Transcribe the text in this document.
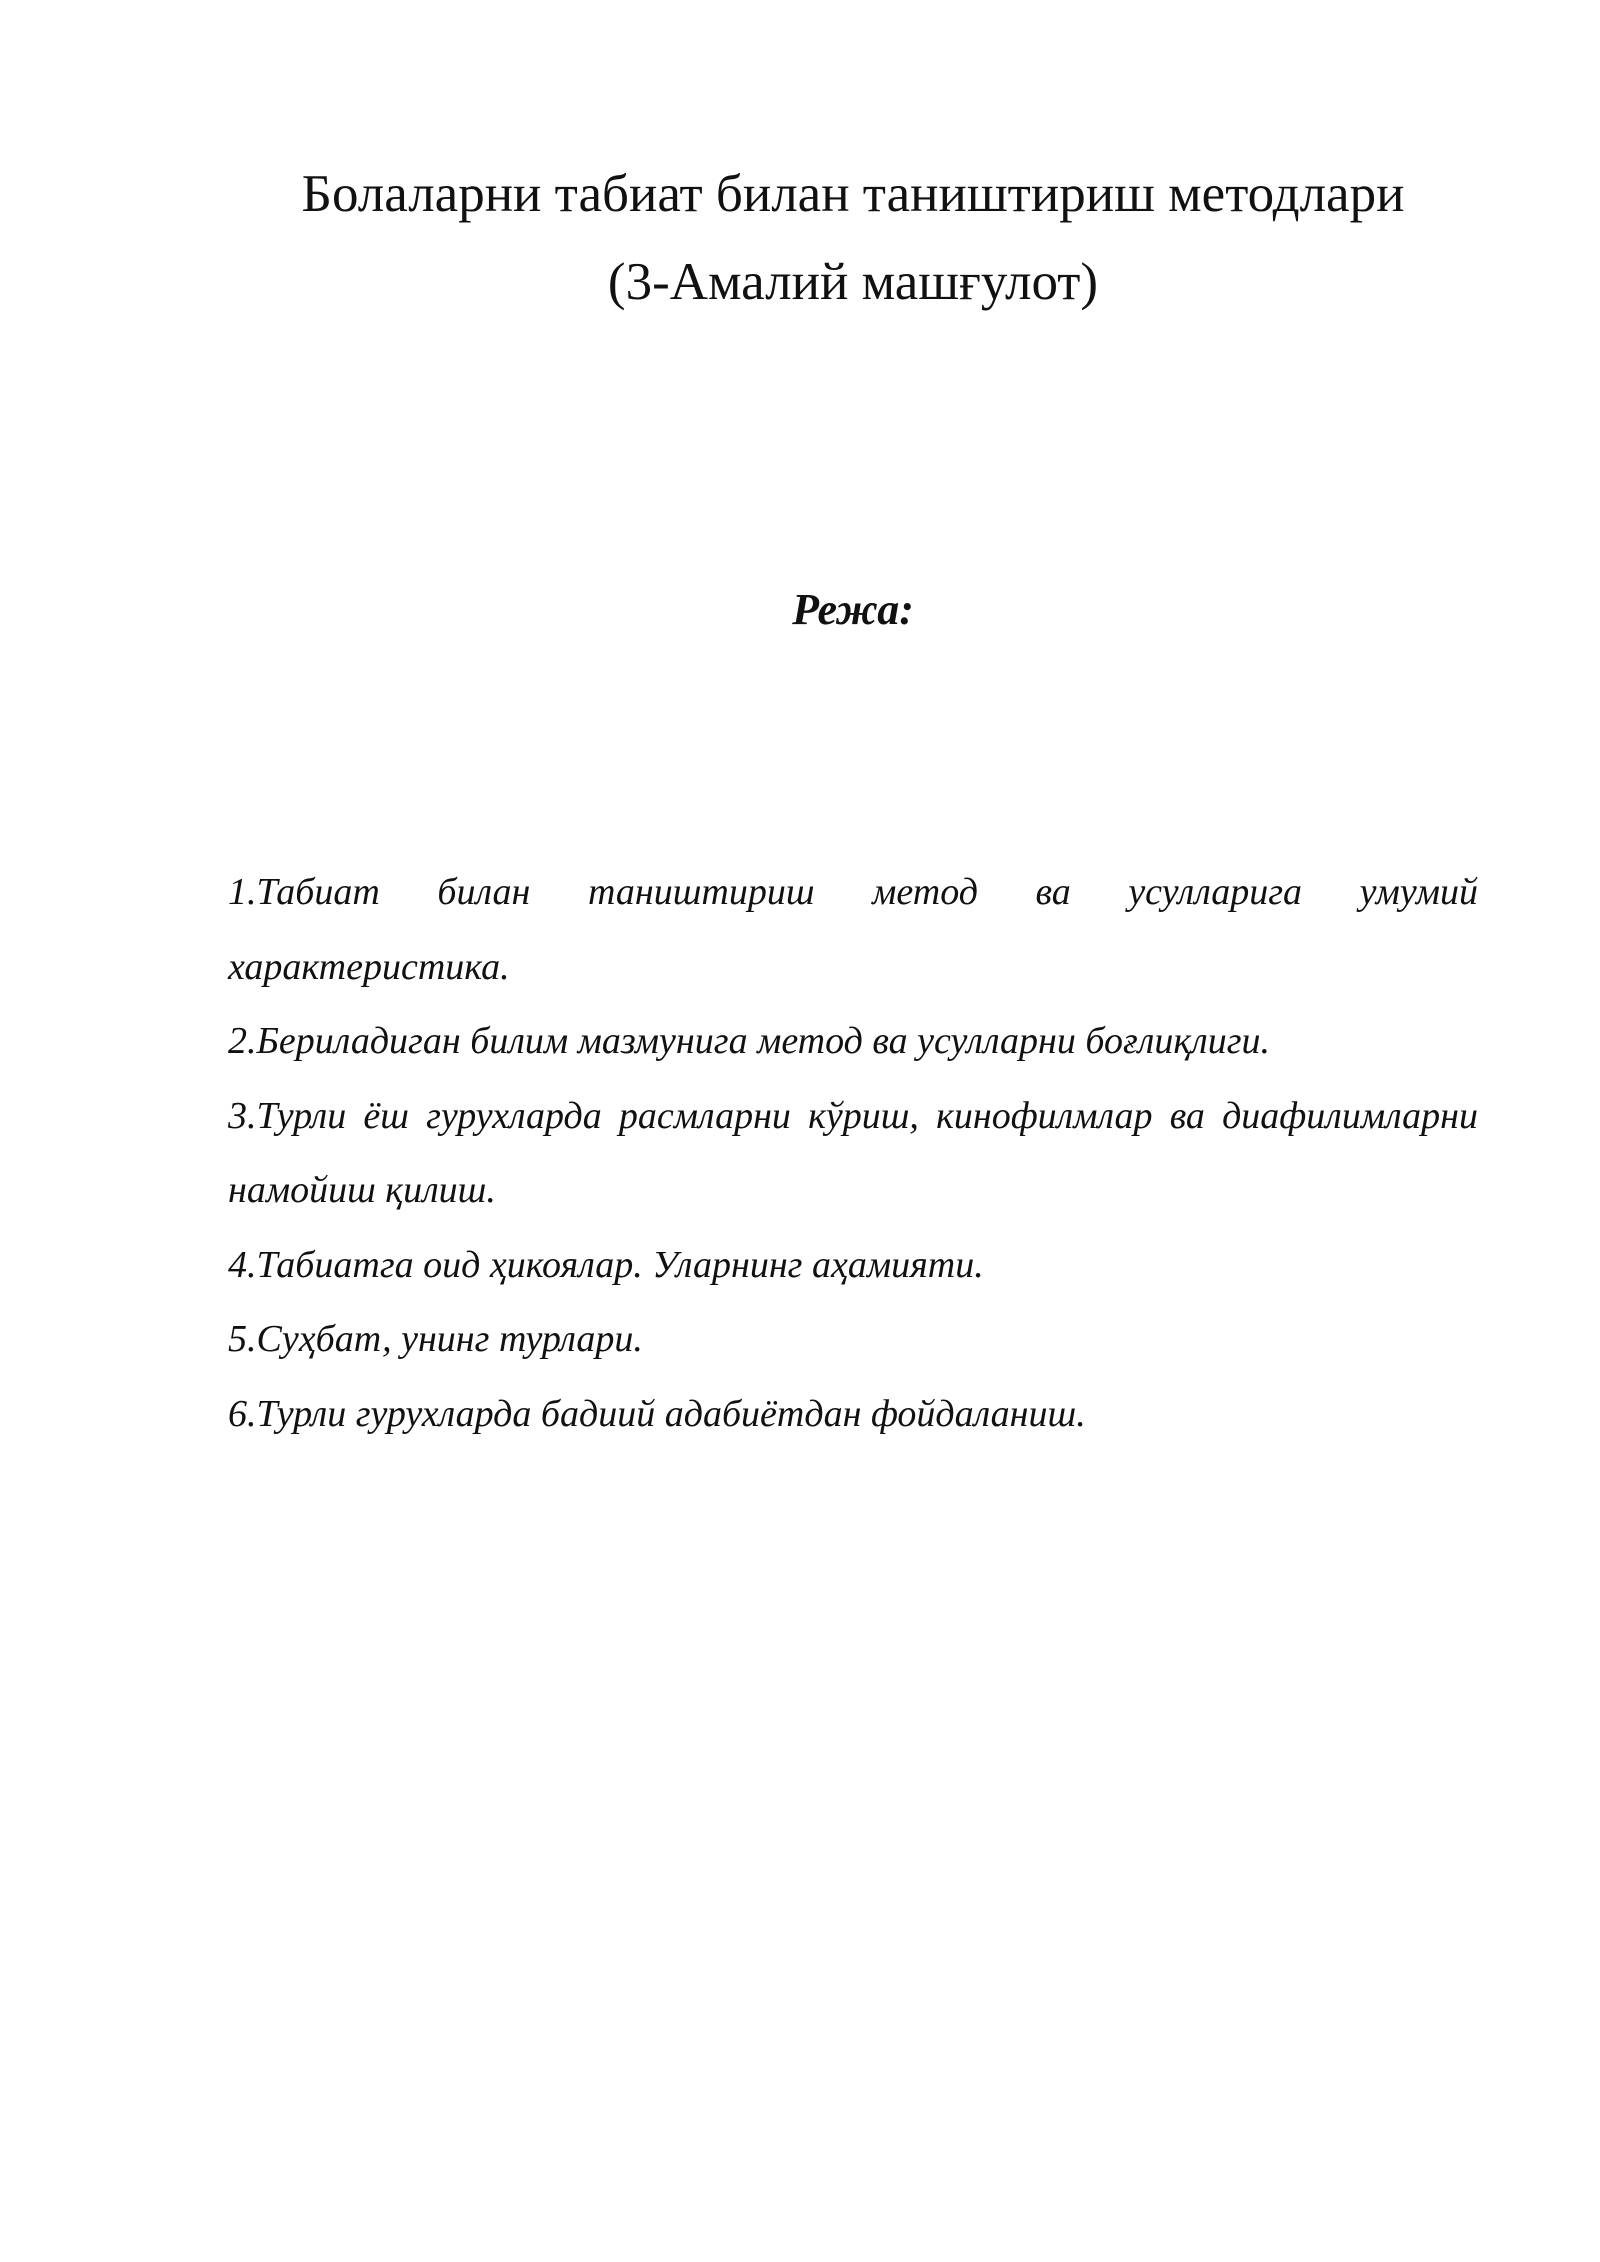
Болаларни табиат билан таништириш методлари

(3-Амалий машғулот)

Режа:

1.Табиат билан таништириш метод ва усулларига умумий характеристика.
2.Бериладиган билим мазмунига метод ва усулларни боғлиқлиги.
3.Турли ёш гурухларда расмларни кўриш, кинофилмлар ва диафилимларни намойиш қилиш.
4.Табиатга оид ҳикоялар. Уларнинг аҳамияти.
5.Суҳбат, унинг турлари.
6.Турли гурухларда бадиий адабиётдан фойдаланиш.
